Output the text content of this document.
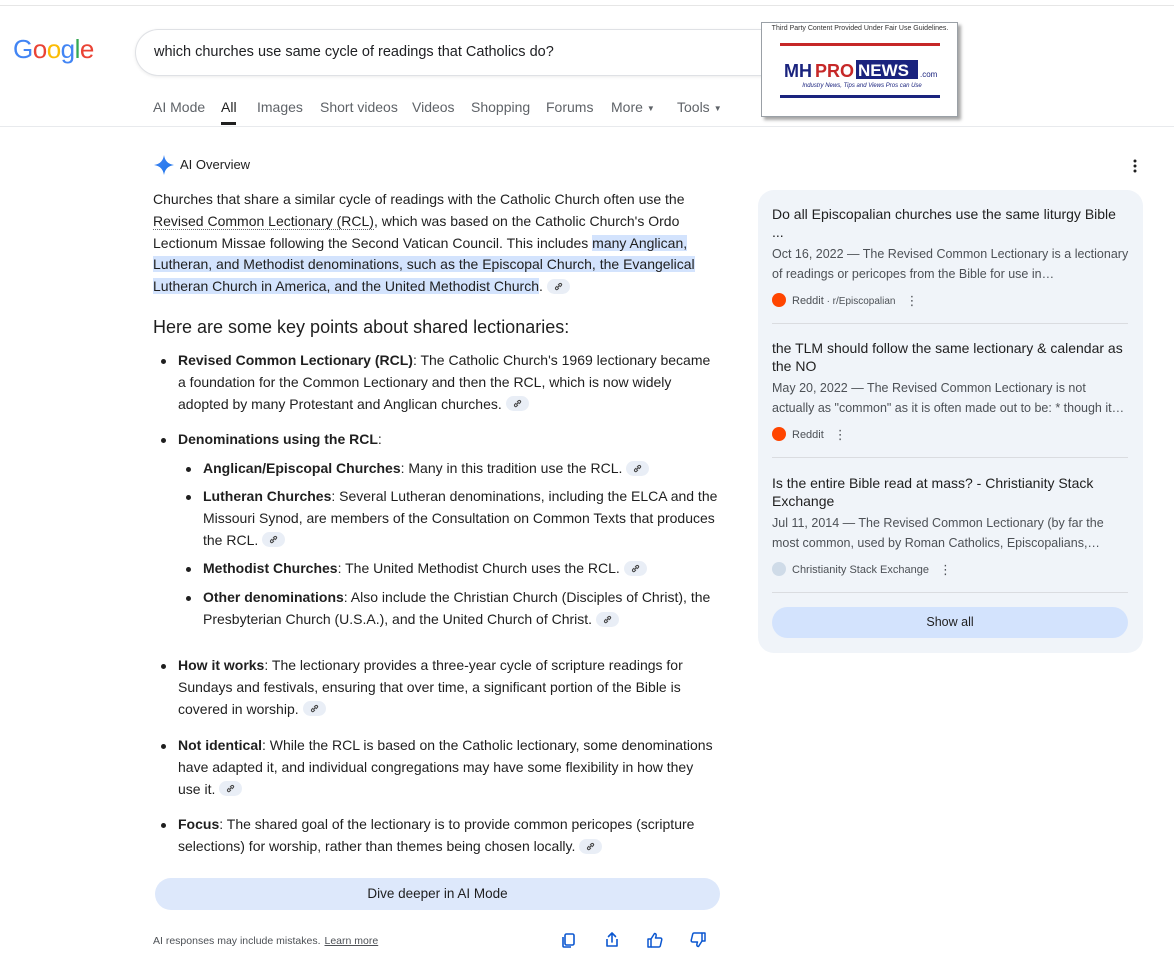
Google
which churches use same cycle of readings that Catholics do?
Third Party Content Provided Under Fair Use Guidelines.
MH PRO NEWS .com
Industry News, Tips and Views Pros can Use
AI Mode All Images Short videos Videos Shopping Forums More ▼ Tools ▼
AI Overview

Churches that share a similar cycle of readings with the Catholic Church often use the Revised Common Lectionary (RCL), which was based on the Catholic Church's Ordo Lectionum Missae following the Second Vatican Council. This includes many Anglican, Lutheran, and Methodist denominations, such as the Episcopal Church, the Evangelical Lutheran Church in America, and the United Methodist Church.

Here are some key points about shared lectionaries:
Revised Common Lectionary (RCL): The Catholic Church's 1969 lectionary became a foundation for the Common Lectionary and then the RCL, which is now widely adopted by many Protestant and Anglican churches.
Denominations using the RCL:
Anglican/Episcopal Churches: Many in this tradition use the RCL.
Lutheran Churches: Several Lutheran denominations, including the ELCA and the Missouri Synod, are members of the Consultation on Common Texts that produces the RCL.
Methodist Churches: The United Methodist Church uses the RCL.
Other denominations: Also include the Christian Church (Disciples of Christ), the Presbyterian Church (U.S.A.), and the United Church of Christ.
How it works: The lectionary provides a three-year cycle of scripture readings for Sundays and festivals, ensuring that over time, a significant portion of the Bible is covered in worship.
Not identical: While the RCL is based on the Catholic lectionary, some denominations have adapted it, and individual congregations may have some flexibility in how they use it.
Focus: The shared goal of the lectionary is to provide common pericopes (scripture selections) for worship, rather than themes being chosen locally.
Dive deeper in AI Mode
AI responses may include mistakes. Learn more
Do all Episcopalian churches use the same liturgy Bible ...
Oct 16, 2022 — The Revised Common Lectionary is a lectionary of readings or pericopes from the Bible for use in…
Reddit · r/Episcopalian ⋮
the TLM should follow the same lectionary & calendar as the NO
May 20, 2022 — The Revised Common Lectionary is not actually as "common" as it is often made out to be: * though it…
Reddit ⋮
Is the entire Bible read at mass? - Christianity Stack Exchange
Jul 11, 2014 — The Revised Common Lectionary (by far the most common, used by Roman Catholics, Episcopalians,…
Christianity Stack Exchange ⋮
Show all
